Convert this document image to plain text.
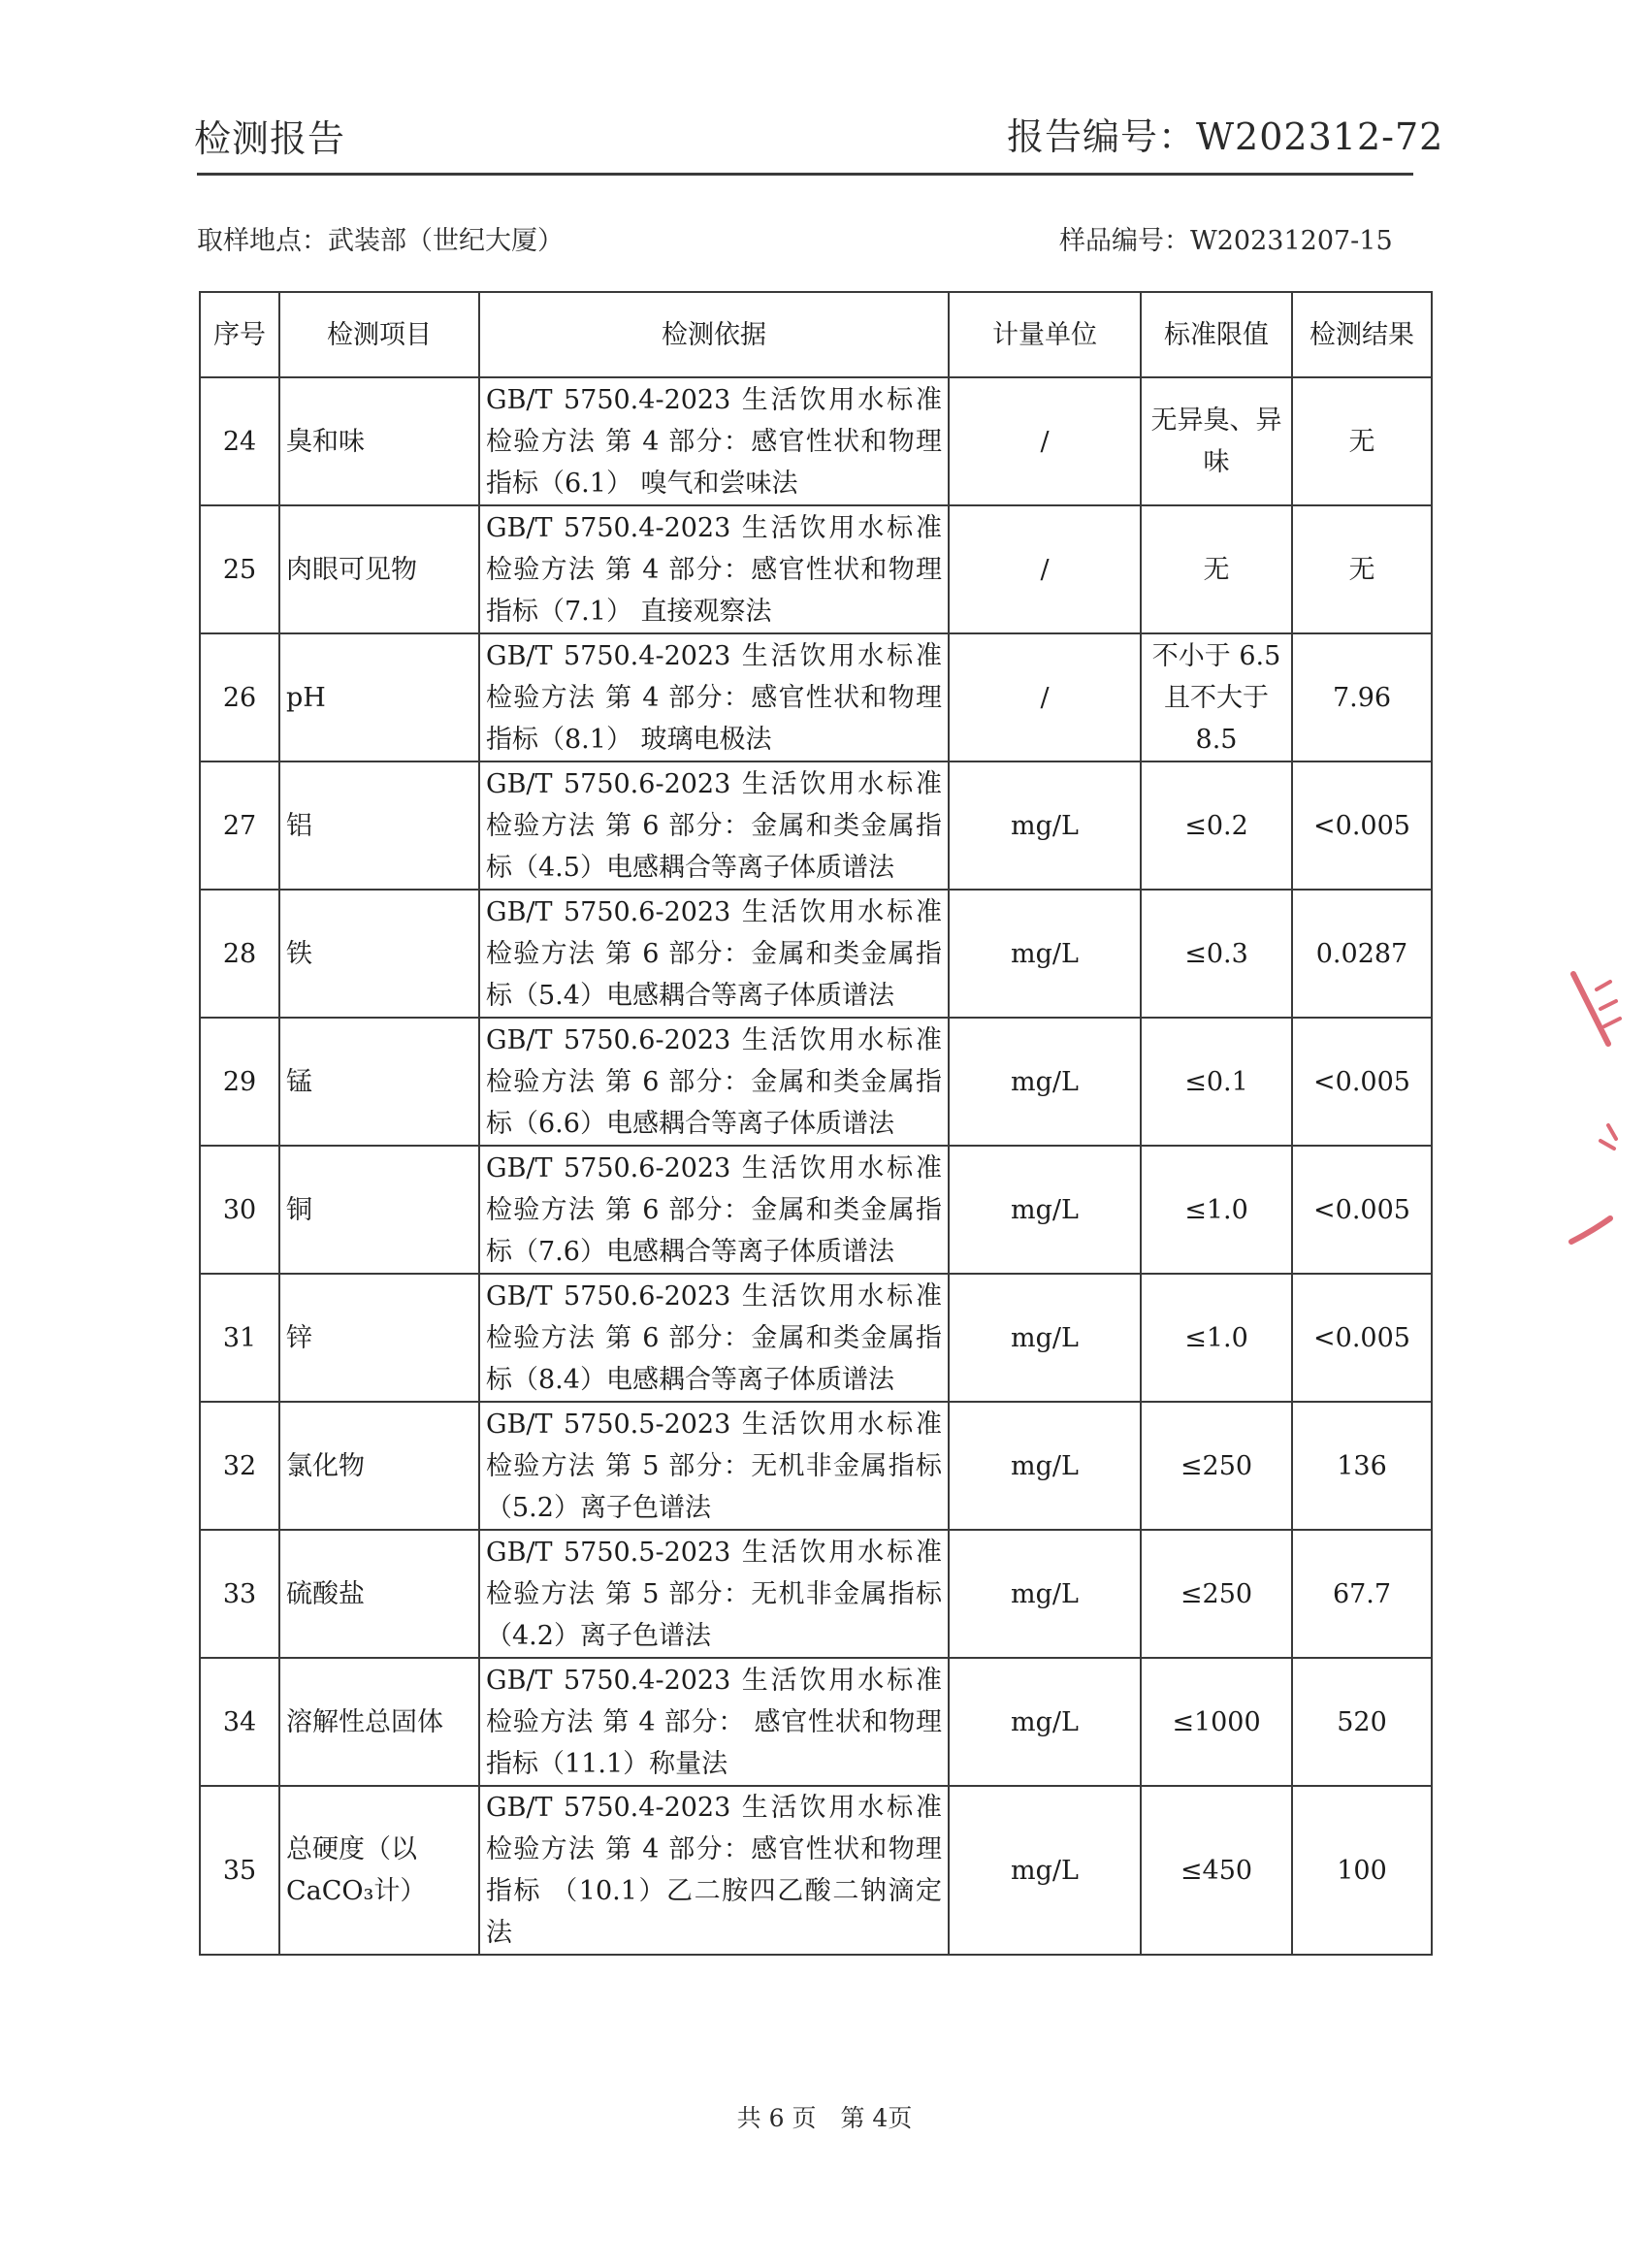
检测报告	报告编号：W202312-72
取样地点：武装部（世纪大厦）	样品编号：W20231207-15
序号	检测项目	检测依据	计量单位	标准限值	检测结果
24	臭和味	GB/T 5750.4-2023 生活饮用水标准检验方法 第 4 部分：感官性状和物理指标（6.1） 嗅气和尝味法	/	无异臭、异味	无
25	肉眼可见物	GB/T 5750.4-2023 生活饮用水标准检验方法 第 4 部分：感官性状和物理指标（7.1） 直接观察法	/	无	无
26	pH	GB/T 5750.4-2023 生活饮用水标准检验方法 第 4 部分：感官性状和物理指标（8.1） 玻璃电极法	/	不小于 6.5 且不大于 8.5	7.96
27	铝	GB/T 5750.6-2023 生活饮用水标准检验方法 第 6 部分：金属和类金属指标（4.5）电感耦合等离子体质谱法	mg/L	≤0.2	<0.005
28	铁	GB/T 5750.6-2023 生活饮用水标准检验方法 第 6 部分：金属和类金属指标（5.4）电感耦合等离子体质谱法	mg/L	≤0.3	0.0287
29	锰	GB/T 5750.6-2023 生活饮用水标准检验方法 第 6 部分：金属和类金属指标（6.6）电感耦合等离子体质谱法	mg/L	≤0.1	<0.005
30	铜	GB/T 5750.6-2023 生活饮用水标准检验方法 第 6 部分：金属和类金属指标（7.6）电感耦合等离子体质谱法	mg/L	≤1.0	<0.005
31	锌	GB/T 5750.6-2023 生活饮用水标准检验方法 第 6 部分：金属和类金属指标（8.4）电感耦合等离子体质谱法	mg/L	≤1.0	<0.005
32	氯化物	GB/T 5750.5-2023 生活饮用水标准检验方法 第 5 部分：无机非金属指标（5.2）离子色谱法	mg/L	≤250	136
33	硫酸盐	GB/T 5750.5-2023 生活饮用水标准检验方法 第 5 部分：无机非金属指标（4.2）离子色谱法	mg/L	≤250	67.7
34	溶解性总固体	GB/T 5750.4-2023 生活饮用水标准检验方法 第 4 部分： 感官性状和物理指标（11.1）称量法	mg/L	≤1000	520
35	总硬度（以CaCO₃计）	GB/T 5750.4-2023 生活饮用水标准检验方法 第 4 部分：感官性状和物理指标 （10.1）乙二胺四乙酸二钠滴定法	mg/L	≤450	100
共 6 页　第 4页
